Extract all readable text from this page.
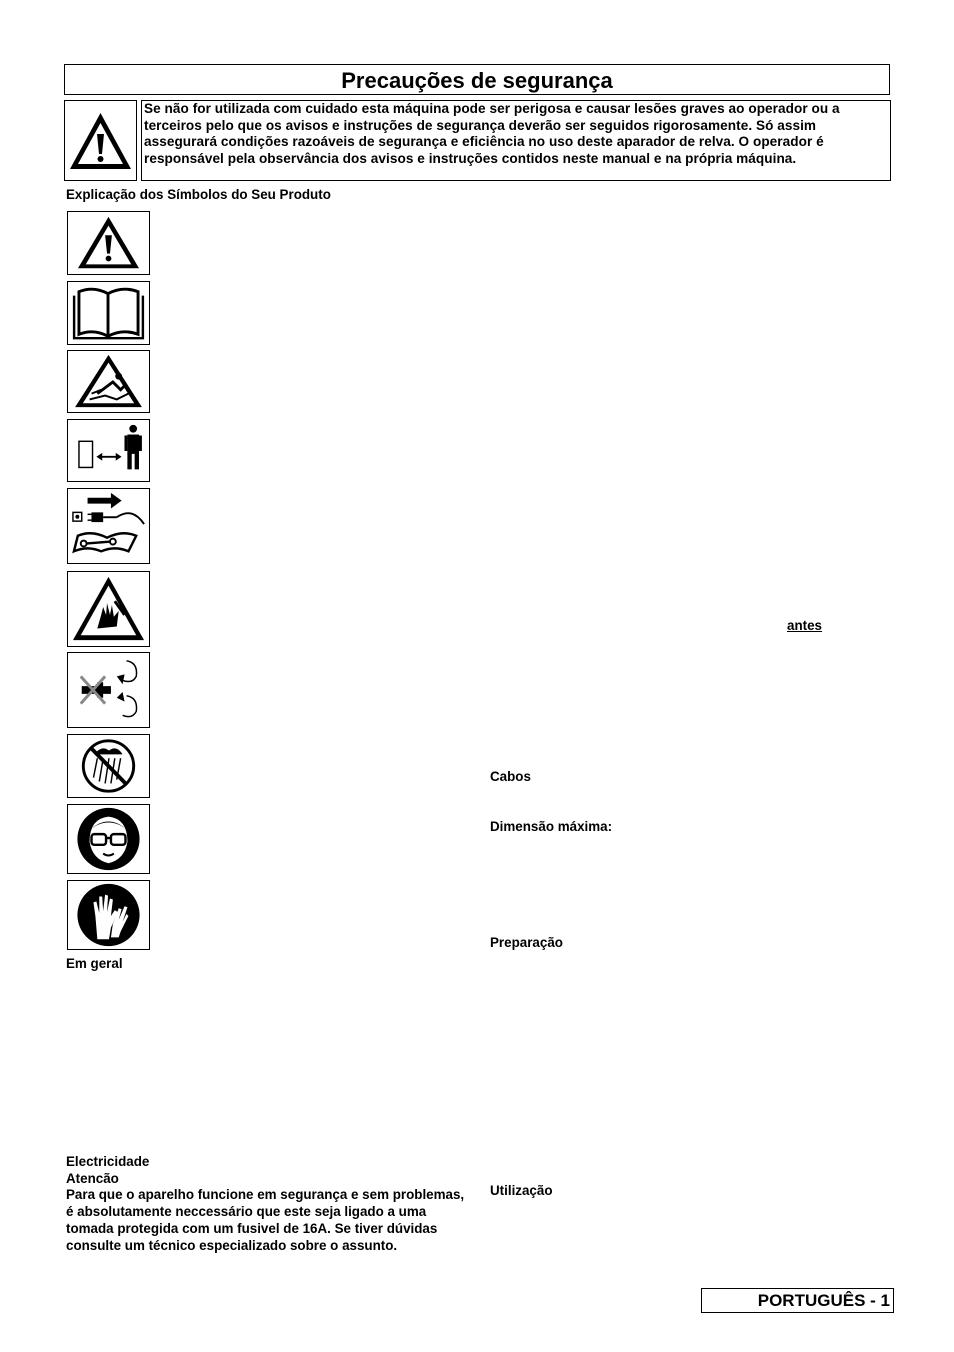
Precauções de segurança
Se não for utilizada com cuidado esta máquina pode ser perigosa e causar lesões graves ao operador ou a terceiros pelo que os avisos e instruções de segurança deverão ser seguidos rigorosamente. Só assim assegurará condições razoáveis de segurança e eficiência no uso deste aparador de relva. O operador é responsável pela observância dos avisos e instruções contidos neste manual e na própria máquina.
Explicação dos Símbolos do Seu Produto
Em geral
Electricidade
Atencão

Para que o aparelho funcione em segurança e sem problemas, é absolutamente neccessário que este seja ligado a uma tomada protegida com um fusivel de 16A. Se tiver dúvidas consulte um técnico especializado sobre o assunto.

antes
Cabos
Dimensão máxima:
Preparação
Utilização
PORTUGUÊS - 1
